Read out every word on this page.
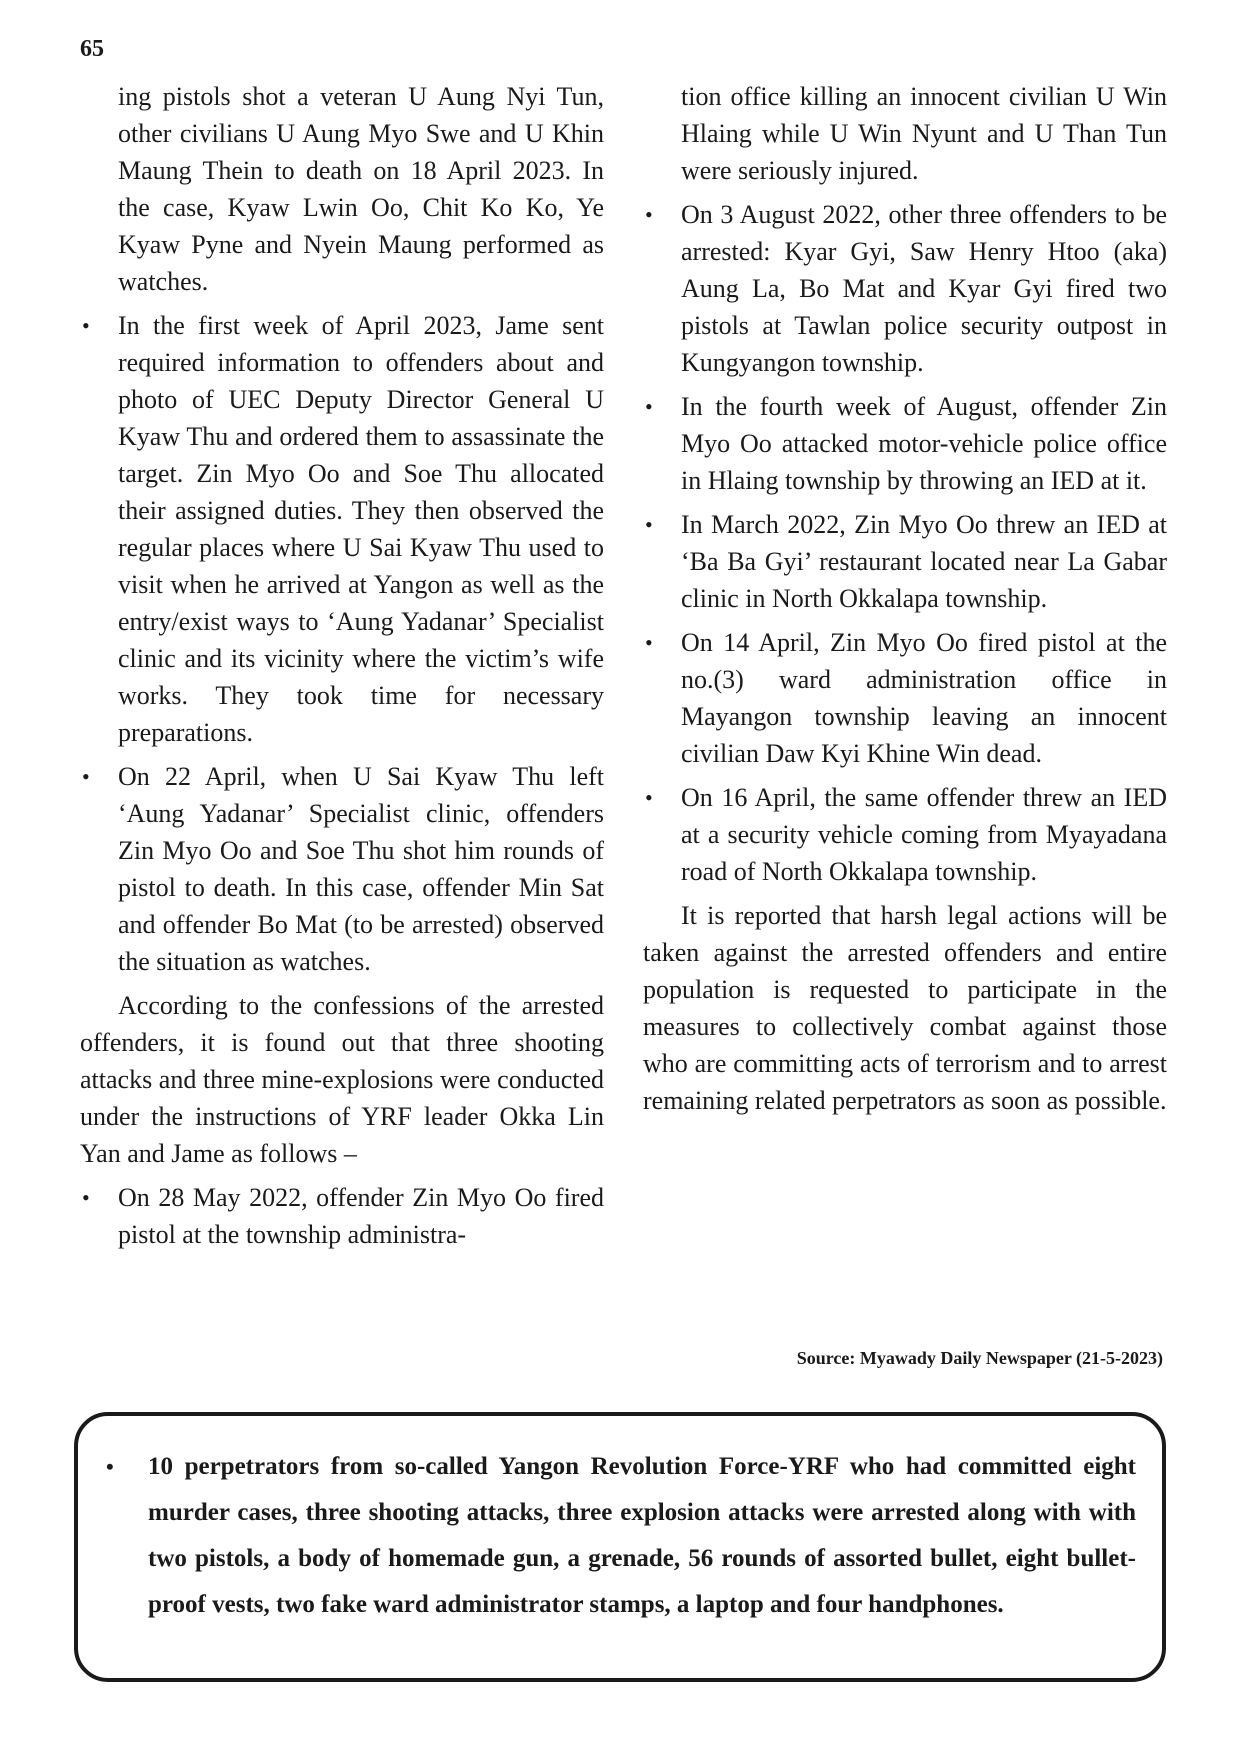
65

ing pistols shot a veteran U Aung Nyi Tun, other civilians U Aung Myo Swe and U Khin Maung Thein to death on 18 April 2023. In the case, Kyaw Lwin Oo, Chit Ko Ko, Ye Kyaw Pyne and Nyein Maung performed as watches.

•	In the first week of April 2023, Jame sent required information to offenders about and photo of UEC Deputy Director General U Kyaw Thu and ordered them to assassinate the target. Zin Myo Oo and Soe Thu allocated their assigned duties. They then observed the regular places where U Sai Kyaw Thu used to visit when he arrived at Yangon as well as the entry/exist ways to ‘Aung Yadanar’ Specialist clinic and its vicinity where the victim’s wife works. They took time for necessary preparations.
•	On 22 April, when U Sai Kyaw Thu left ‘Aung Yadanar’ Specialist clinic, offenders Zin Myo Oo and Soe Thu shot him rounds of pistol to death. In this case, offender Min Sat and offender Bo Mat (to be arrested) observed the situation as watches.

According to the confessions of the arrested offenders, it is found out that three shooting attacks and three mine-explosions were conducted under the instructions of YRF leader Okka Lin Yan and Jame as follows –

•	On 28 May 2022, offender Zin Myo Oo fired pistol at the township administra-

tion office killing an innocent civilian U Win Hlaing while U Win Nyunt and U Than Tun were seriously injured.

•	On 3 August 2022, other three offenders to be arrested: Kyar Gyi, Saw Henry Htoo (aka) Aung La, Bo Mat and Kyar Gyi fired two pistols at Tawlan police security outpost in Kungyangon township.
•	In the fourth week of August, offender Zin Myo Oo attacked motor-vehicle police office in Hlaing township by throwing an IED at it.
•	In March 2022, Zin Myo Oo threw an IED at ‘Ba Ba Gyi’ restaurant located near La Gabar clinic in North Okkalapa township.
•	On 14 April, Zin Myo Oo fired pistol at the no.(3) ward administration office in Mayangon township leaving an innocent civilian Daw Kyi Khine Win dead.
•	On 16 April, the same offender threw an IED at a security vehicle coming from Myayadana road of North Okkalapa township.

It is reported that harsh legal actions will be taken against the arrested offenders and entire population is requested to participate in the measures to collectively combat against those who are committing acts of terrorism and to arrest remaining related perpetrators as soon as possible.

Source: Myawady Daily Newspaper (21-5-2023)

• 10 perpetrators from so-called Yangon Revolution Force-YRF who had committed eight murder cases, three shooting attacks, three explosion attacks were arrested along with with two pistols, a body of homemade gun, a grenade, 56 rounds of assorted bullet, eight bullet-proof vests, two fake ward administrator stamps, a laptop and four handphones.
